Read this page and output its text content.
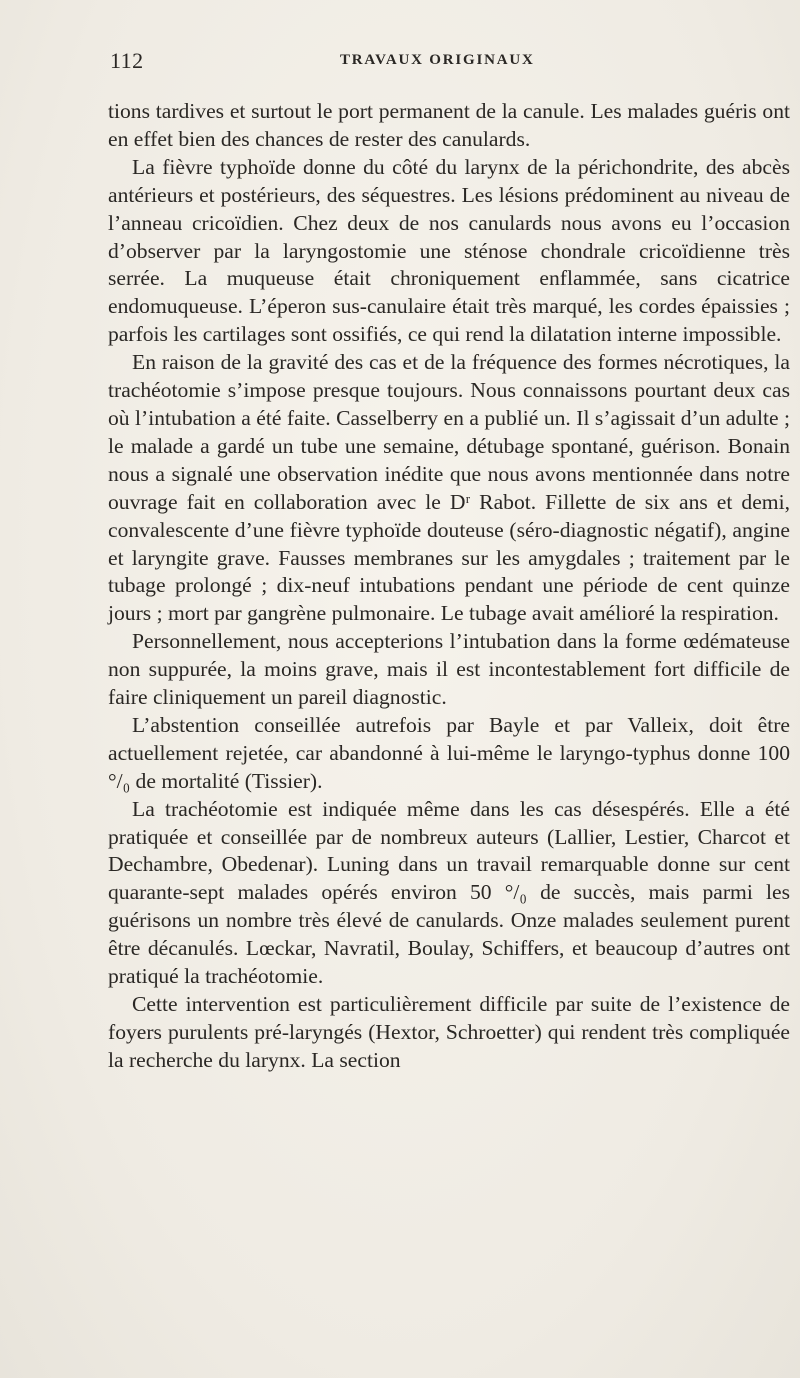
112	TRAVAUX ORIGINAUX

tions tardives et surtout le port permanent de la canule. Les malades guéris ont en effet bien des chances de rester des canulards.

La fièvre typhoïde donne du côté du larynx de la périchondrite, des abcès antérieurs et postérieurs, des séquestres. Les lésions prédominent au niveau de l’anneau cricoïdien. Chez deux de nos canulards nous avons eu l’occasion d’observer par la laryngostomie une sténose chondrale cricoïdienne très serrée. La muqueuse était chroniquement enflammée, sans cicatrice endomuqueuse. L’éperon sus-canulaire était très marqué, les cordes épaissies ; parfois les cartilages sont ossifiés, ce qui rend la dilatation interne impossible.

En raison de la gravité des cas et de la fréquence des formes nécrotiques, la trachéotomie s’impose presque toujours. Nous connaissons pourtant deux cas où l’intubation a été faite. Casselberry en a publié un. Il s’agissait d’un adulte ; le malade a gardé un tube une semaine, détubage spontané, guérison. Bonain nous a signalé une observation inédite que nous avons mentionnée dans notre ouvrage fait en collaboration avec le Dʳ Rabot. Fillette de six ans et demi, convalescente d’une fièvre typhoïde douteuse (séro-diagnostic négatif), angine et laryngite grave. Fausses membranes sur les amygdales ; traitement par le tubage prolongé ; dix-neuf intubations pendant une période de cent quinze jours ; mort par gangrène pulmonaire. Le tubage avait amélioré la respiration.

Personnellement, nous accepterions l’intubation dans la forme œdémateuse non suppurée, la moins grave, mais il est incontestablement fort difficile de faire cliniquement un pareil diagnostic.

L’abstention conseillée autrefois par Bayle et par Valleix, doit être actuellement rejetée, car abandonné à lui-même le laryngo-typhus donne 100 °/₀ de mortalité (Tissier).

La trachéotomie est indiquée même dans les cas désespérés. Elle a été pratiquée et conseillée par de nombreux auteurs (Lallier, Lestier, Charcot et Dechambre, Obedenar). Luning dans un travail remarquable donne sur cent quarante-sept malades opérés environ 50 °/₀ de succès, mais parmi les guérisons un nombre très élevé de canulards. Onze malades seulement purent être décanulés. Lœckar, Navratil, Boulay, Schiffers, et beaucoup d’autres ont pratiqué la trachéotomie.

Cette intervention est particulièrement difficile par suite de l’existence de foyers purulents pré-laryngés (Hextor, Schroetter) qui rendent très compliquée la recherche du larynx. La section
